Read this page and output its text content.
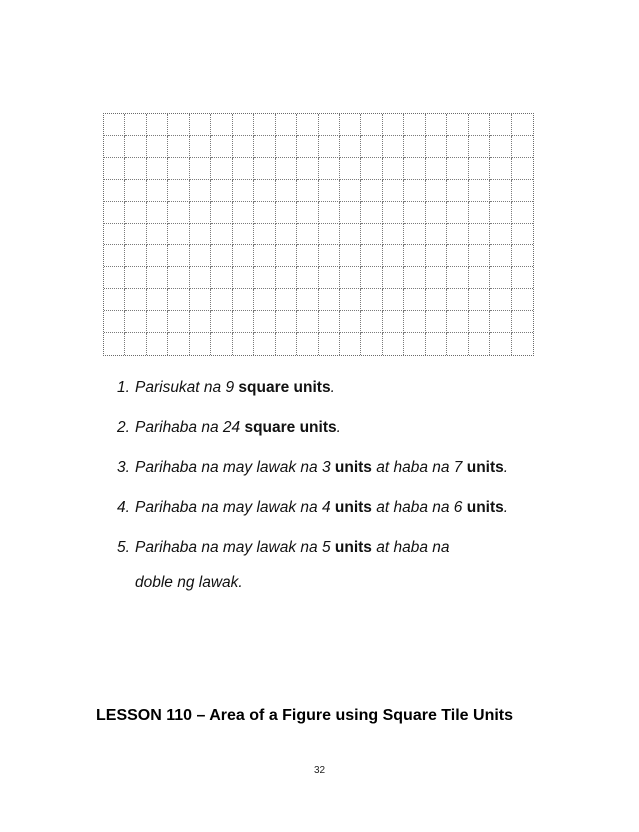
1. Parisukat na 9 square units.
2. Parihaba na 24 square units.
3. Parihaba na may lawak na 3 units at haba na 7 units.
4. Parihaba na may lawak na 4 units at haba na 6 units.
5. Parihaba na may lawak na 5 units at haba na
doble ng lawak.
LESSON 110 – Area of a Figure using Square Tile Units
32
